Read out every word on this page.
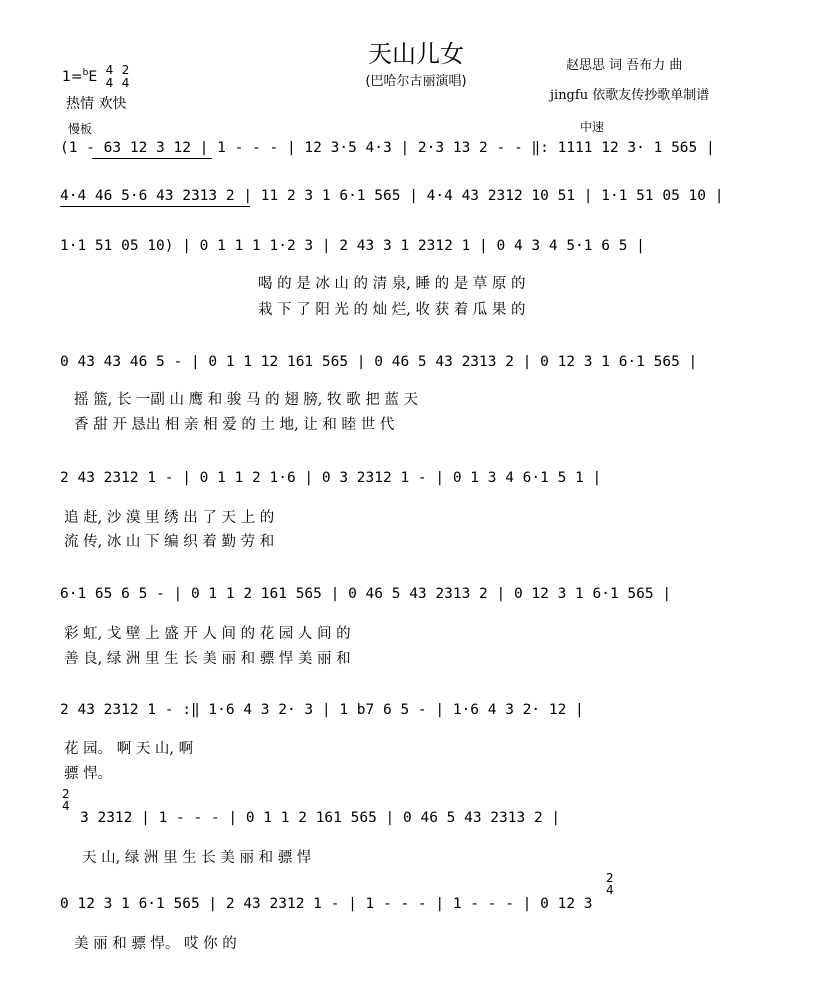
天山儿女
(巴哈尔古丽演唱)
1=$^b$E 4
4 2
4
热情 欢快
赵思思 词 吾布力 曲
jingfu 依歌友传抄歌单制谱
慢板	中速
(1 - 63 12 3 12 | 1 - - - | 12 3·5 4·3 | 2·3 13 2 - - ‖: 1111 12 3· 1 565 |
4·4 46 5·6 43 2313 2 | 11 2 3 1 6·1 565 | 4·4 43 2312 10 51 | 1·1 51 05 10 |
1·1 51 05 10) | 0 1 1 1 1·2 3 | 2 43 3 1 2312 1 | 0 4 3 4 5·1 6 5 |
喝 的 是 冰 山 的 清 泉, 睡 的 是 草 原 的
栽 下 了 阳 光 的 灿 烂, 收 获 着 瓜 果 的
0 43 43 46 5 - | 0 1 1 12 161 565 | 0 46 5 43 2313 2 | 0 12 3 1 6·1 565 |
摇 篮, 长 一副 山 鹰 和 骏 马 的 翅 膀, 牧 歌 把 蓝 天
香 甜 开 恳出 相 亲 相 爱 的 土 地, 让 和 睦 世 代
2 43 2312 1 - | 0 1 1 2 1·6 | 0 3 2312 1 - | 0 1 3 4 6·1 5 1 |
追 赶, 沙 漠 里 绣 出 了 天 上 的
流 传, 冰 山 下 编 织 着 勤 劳 和
6·1 65 6 5 - | 0 1 1 2 161 565 | 0 46 5 43 2313 2 | 0 12 3 1 6·1 565 |
彩 虹, 戈 壁 上 盛 开 人 间 的 花 园 人 间 的
善 良, 绿 洲 里 生 长 美 丽 和 骠 悍 美 丽 和
2 43 2312 1 - :‖ 1·6 4 3 2· 3 | 1 b7 6 5 - | 1·6 4 3 2· 12 |
花 园。 啊 天 山, 啊
骠 悍。
2
4
3 2312 | 1 - - - | 0 1 1 2 161 565 | 0 46 5 43 2313 2 |
天 山, 绿 洲 里 生 长 美 丽 和 骠 悍
2
4
0 12 3 1 6·1 565 | 2 43 2312 1 - | 1 - - - | 1 - - - | 0 12 3
美 丽 和 骠 悍。 哎 你 的
